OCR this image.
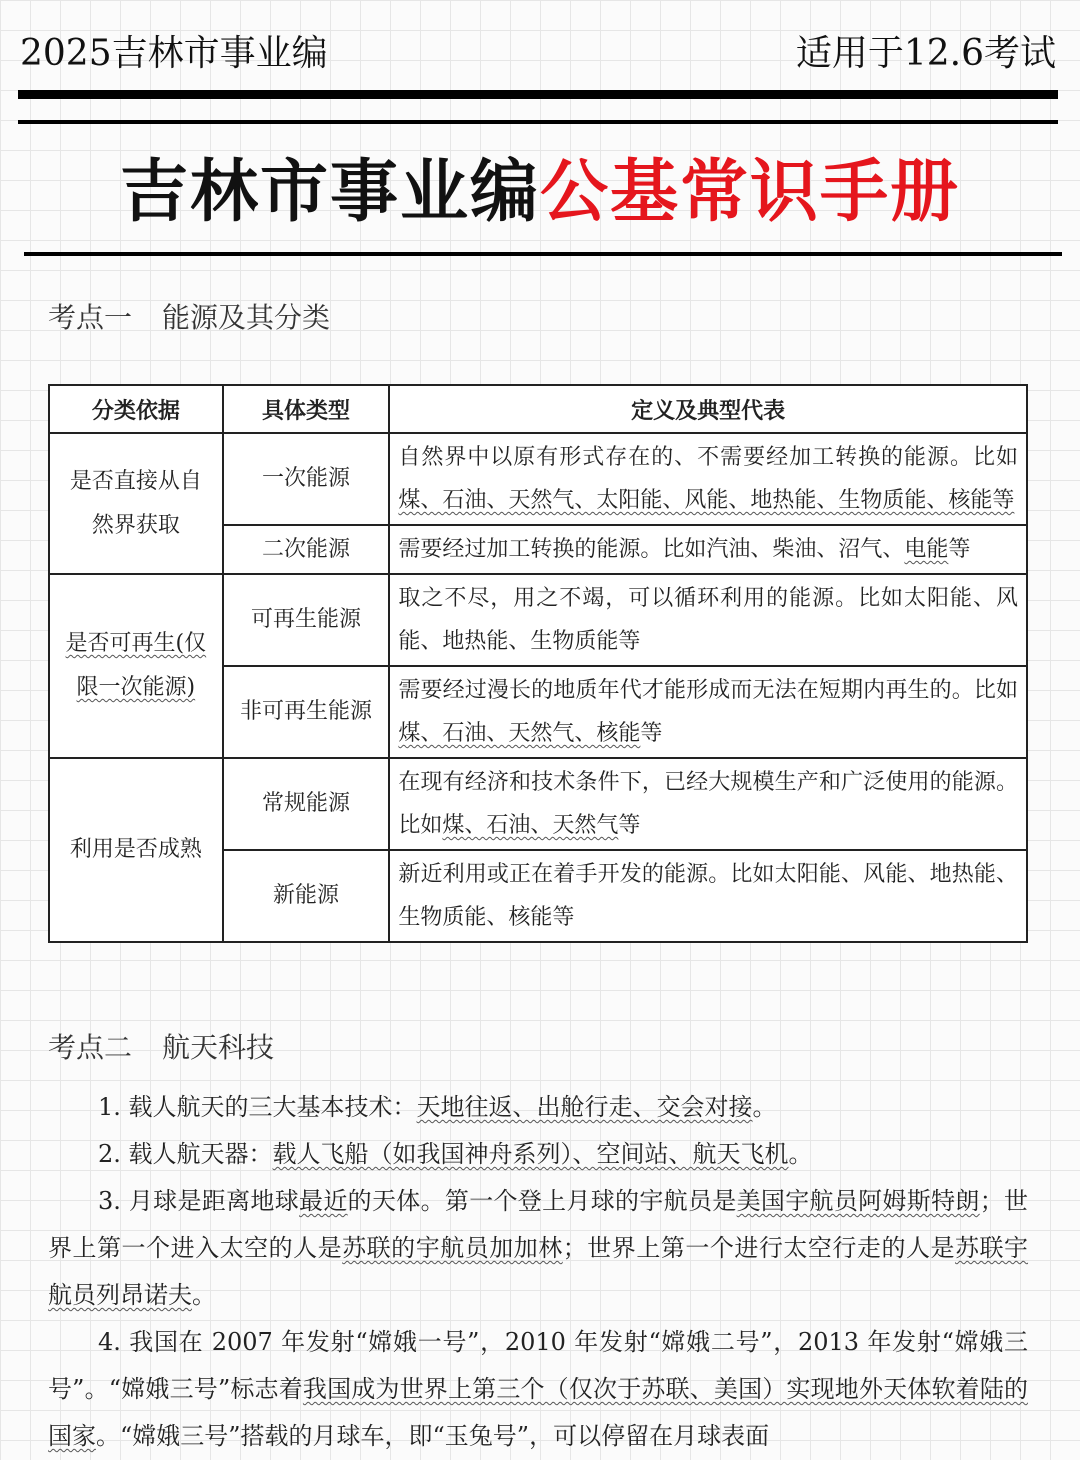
2025吉林市事业编	适用于12.6考试
吉林市事业编公基常识手册
考点一 能源及其分类
分类依据	具体类型	定义及典型代表
是否直接从自然界获取	一次能源	自然界中以原有形式存在的、不需要经加工转换的能源。比如煤、石油、天然气、太阳能、风能、地热能、生物质能、核能等
	二次能源	需要经过加工转换的能源。比如汽油、柴油、沼气、电能等
是否可再生(仅限一次能源)	可再生能源	取之不尽，用之不竭，可以循环利用的能源。比如太阳能、风能、地热能、生物质能等
	非可再生能源	需要经过漫长的地质年代才能形成而无法在短期内再生的。比如煤、石油、天然气、核能等
利用是否成熟	常规能源	在现有经济和技术条件下，已经大规模生产和广泛使用的能源。比如煤、石油、天然气等
	新能源	新近利用或正在着手开发的能源。比如太阳能、风能、地热能、生物质能、核能等
考点二 航天科技

1. 载人航天的三大基本技术：天地往返、出舱行走、交会对接。

2. 载人航天器：载人飞船（如我国神舟系列）、空间站、航天飞机。

3. 月球是距离地球最近的天体。第一个登上月球的宇航员是美国宇航员阿姆斯特朗；世界上第一个进入太空的人是苏联的宇航员加加林；世界上第一个进行太空行走的人是苏联宇航员列昂诺夫。

4. 我国在 2007 年发射“嫦娥一号”，2010 年发射“嫦娥二号”，2013 年发射“嫦娥三号”。“嫦娥三号”标志着我国成为世界上第三个（仅次于苏联、美国）实现地外天体软着陆的国家。“嫦娥三号”搭载的月球车，即“玉兔号”，可以停留在月球表面
